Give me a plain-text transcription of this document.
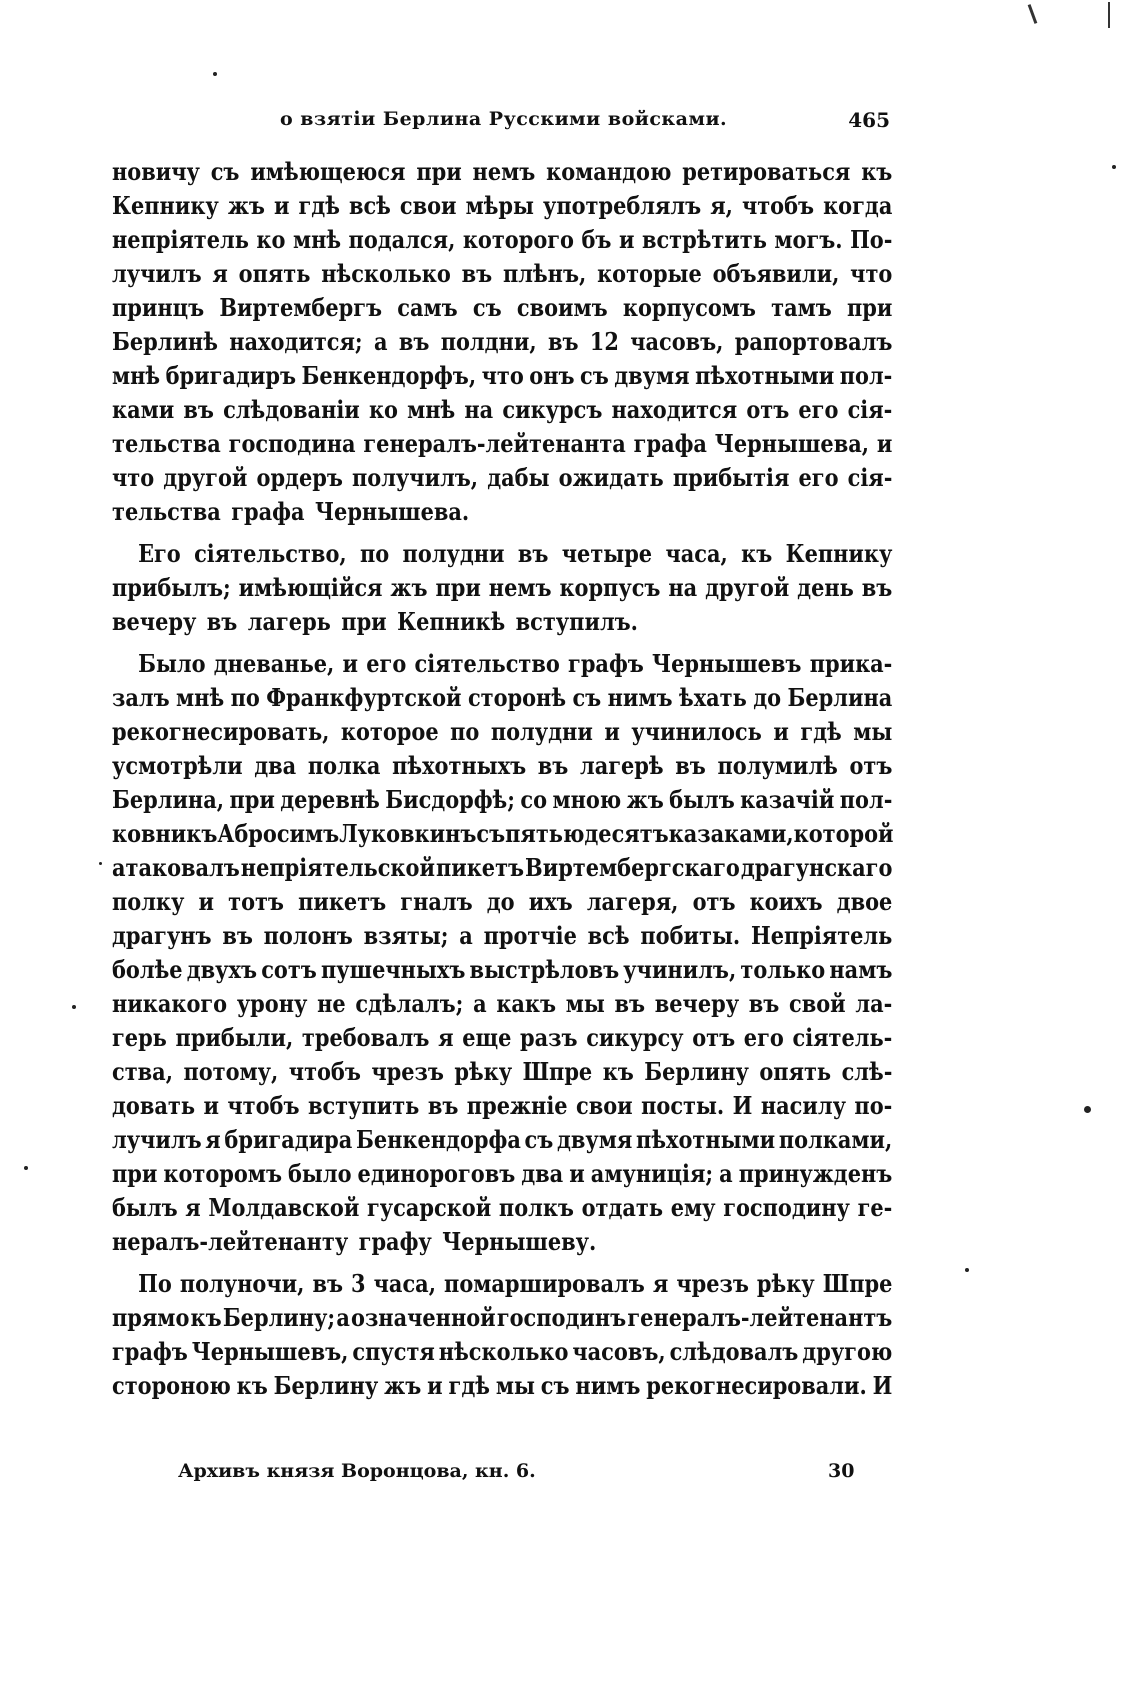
о взятіи Берлина Русскими войсками.	465
новичу съ имѣющеюся при немъ командою ретироваться къ
Кепнику жъ и гдѣ всѣ свои мѣры употреблялъ я, чтобъ когда
непріятель ко мнѣ подался, которого бъ и встрѣтить могъ. По-
лучилъ я опять нѣсколько въ плѣнъ, которые объявили, что
принцъ Виртембергъ самъ съ своимъ корпусомъ тамъ при
Берлинѣ находится; а въ полдни, въ 12 часовъ, рапортовалъ
мнѣ бригадиръ Бенкендорфъ, что онъ съ двумя пѣхотными пол-
ками въ слѣдованіи ко мнѣ на сикурсъ находится отъ его сія-
тельства господина генералъ-лейтенанта графа Чернышева, и
что другой ордеръ получилъ, дабы ожидать прибытія его сія-
тельства графа Чернышева.
Его сіятельство, по полудни въ четыре часа, къ Кепнику
прибылъ; имѣющійся жъ при немъ корпусъ на другой день въ
вечеру въ лагерь при Кепникѣ вступилъ.
Было дневанье, и его сіятельство графъ Чернышевъ прика-
залъ мнѣ по Франкфуртской сторонѣ съ нимъ ѣхать до Берлина
рекогнесировать, которое по полудни и учинилось и гдѣ мы
усмотрѣли два полка пѣхотныхъ въ лагерѣ въ полумилѣ отъ
Берлина, при деревнѣ Бисдорфѣ; со мною жъ былъ казачій пол-
ковникъ Абросимъ Луковкинъ съ пятьюдесятъ казаками, которой
атаковалъ непріятельской пикетъ Виртембергскаго драгунскаго
полку и тотъ пикетъ гналъ до ихъ лагеря, отъ коихъ двое
драгунъ въ полонъ взяты; а протчіе всѣ побиты. Непріятель
болѣе двухъ сотъ пушечныхъ выстрѣловъ учинилъ, только намъ
никакого урону не сдѣлалъ; а какъ мы въ вечеру въ свой ла-
герь прибыли, требовалъ я еще разъ сикурсу отъ его сіятель-
ства, потому, чтобъ чрезъ рѣку Шпре къ Берлину опять слѣ-
довать и чтобъ вступить въ прежніе свои посты. И насилу по-
лучилъ я бригадира Бенкендорфа съ двумя пѣхотными полками,
при которомъ было единороговъ два и амуниція; а принужденъ
былъ я Молдавской гусарской полкъ отдать ему господину ге-
нералъ-лейтенанту графу Чернышеву.
По полуночи, въ 3 часа, помаршировалъ я чрезъ рѣку Шпре
прямо къ Берлину; а означенной господинъ генералъ-лейтенантъ
графъ Чернышевъ, спустя нѣсколько часовъ, слѣдовалъ другою
стороною къ Берлину жъ и гдѣ мы съ нимъ рекогнесировали. И
Архивъ князя Воронцова, кн. 6.	30
